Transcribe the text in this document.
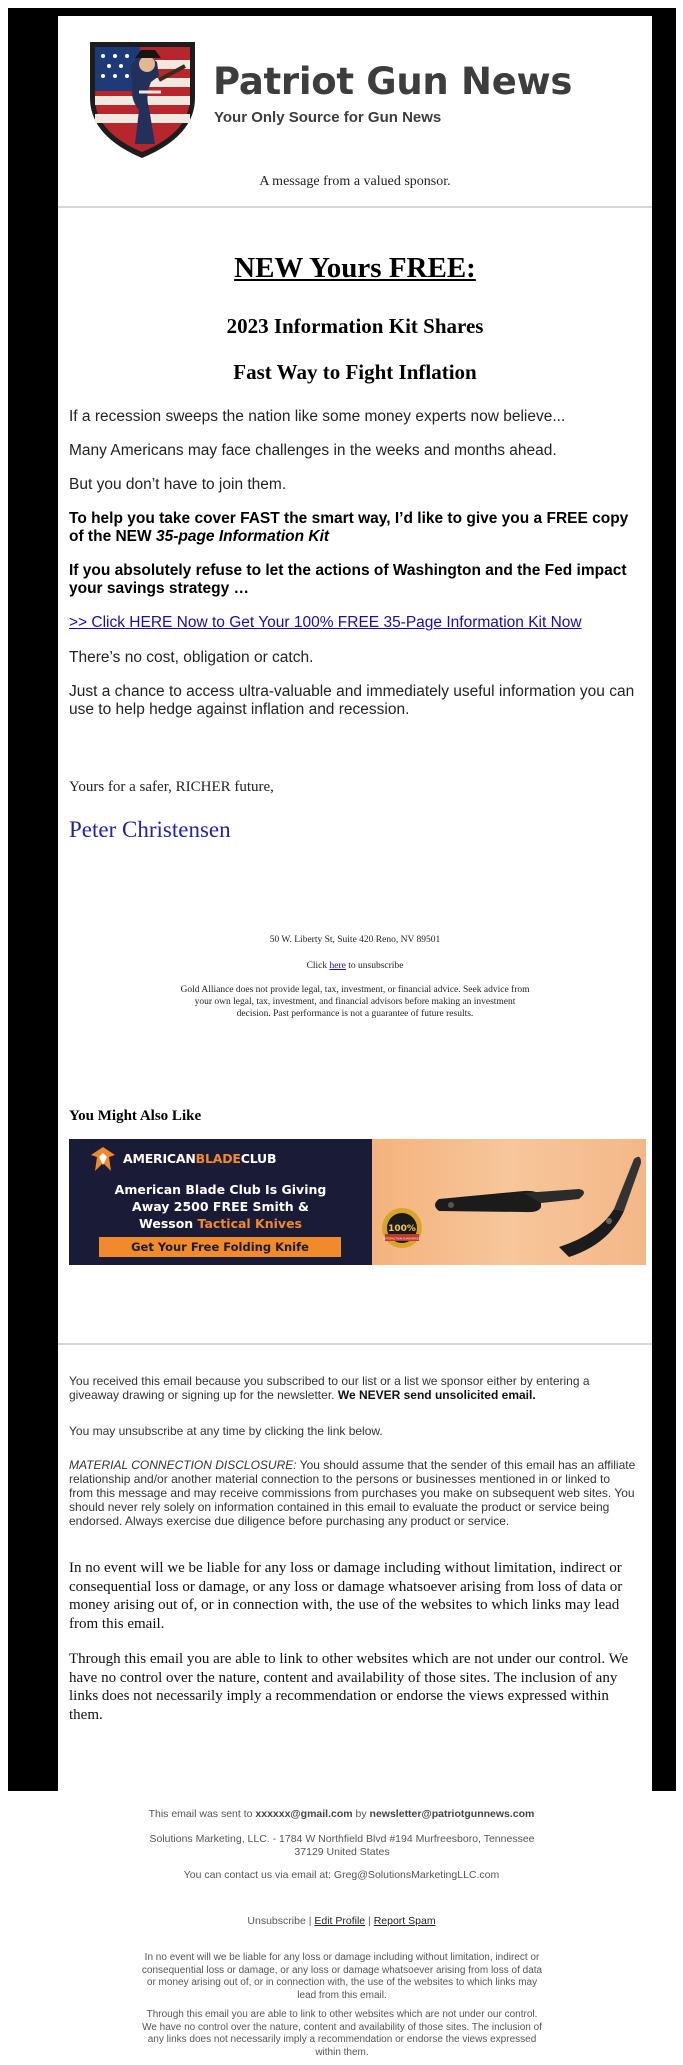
Patriot Gun News
Your Only Source for Gun News
A message from a valued sponsor.
NEW Yours FREE:
2023 Information Kit Shares
Fast Way to Fight Inflation

If a recession sweeps the nation like some money experts now believe...

Many Americans may face challenges in the weeks and months ahead.

But you don’t have to join them.

To help you take cover FAST the smart way, I’d like to give you a FREE copy of the NEW 35-page Information Kit

If you absolutely refuse to let the actions of Washington and the Fed impact your savings strategy …

>> Click HERE Now to Get Your 100% FREE 35-Page Information Kit Now

There’s no cost, obligation or catch.

Just a chance to access ultra-valuable and immediately useful information you can use to help hedge against inflation and recession.

Yours for a safer, RICHER future,
Peter Christensen
50 W. Liberty St, Suite 420 Reno, NV 89501
Click here to unsubscribe
Gold Alliance does not provide legal, tax, investment, or financial advice. Seek advice from your own legal, tax, investment, and financial advisors before making an investment decision. Past performance is not a guarantee of future results.
You Might Also Like
AMERICANBLADECLUB
American Blade Club Is Giving
Away 2500 FREE Smith &
Wesson Tactical Knives
Get Your Free Folding Knife
100%
SATISFACTION GUARANTEED

You received this email because you subscribed to our list or a list we sponsor either by entering a giveaway drawing or signing up for the newsletter. We NEVER send unsolicited email.

You may unsubscribe at any time by clicking the link below.

MATERIAL CONNECTION DISCLOSURE: You should assume that the sender of this email has an affiliate relationship and/or another material connection to the persons or businesses mentioned in or linked to from this message and may receive commissions from purchases you make on subsequent web sites. You should never rely solely on information contained in this email to evaluate the product or service being endorsed. Always exercise due diligence before purchasing any product or service.

In no event will we be liable for any loss or damage including without limitation, indirect or consequential loss or damage, or any loss or damage whatsoever arising from loss of data or money arising out of, or in connection with, the use of the websites to which links may lead from this email.

Through this email you are able to link to other websites which are not under our control. We have no control over the nature, content and availability of those sites. The inclusion of any links does not necessarily imply a recommendation or endorse the views expressed within them.

This email was sent to xxxxxx@gmail.com by newsletter@patriotgunnews.com
Solutions Marketing, LLC. - 1784 W Northfield Blvd #194 Murfreesboro, Tennessee 37129 United States
You can contact us via email at: Greg@SolutionsMarketingLLC.com
Unsubscribe | Edit Profile | Report Spam
In no event will we be liable for any loss or damage including without limitation, indirect or consequential loss or damage, or any loss or damage whatsoever arising from loss of data or money arising out of, or in connection with, the use of the websites to which links may lead from this email.
Through this email you are able to link to other websites which are not under our control. We have no control over the nature, content and availability of those sites. The inclusion of any links does not necessarily imply a recommendation or endorse the views expressed within them.
